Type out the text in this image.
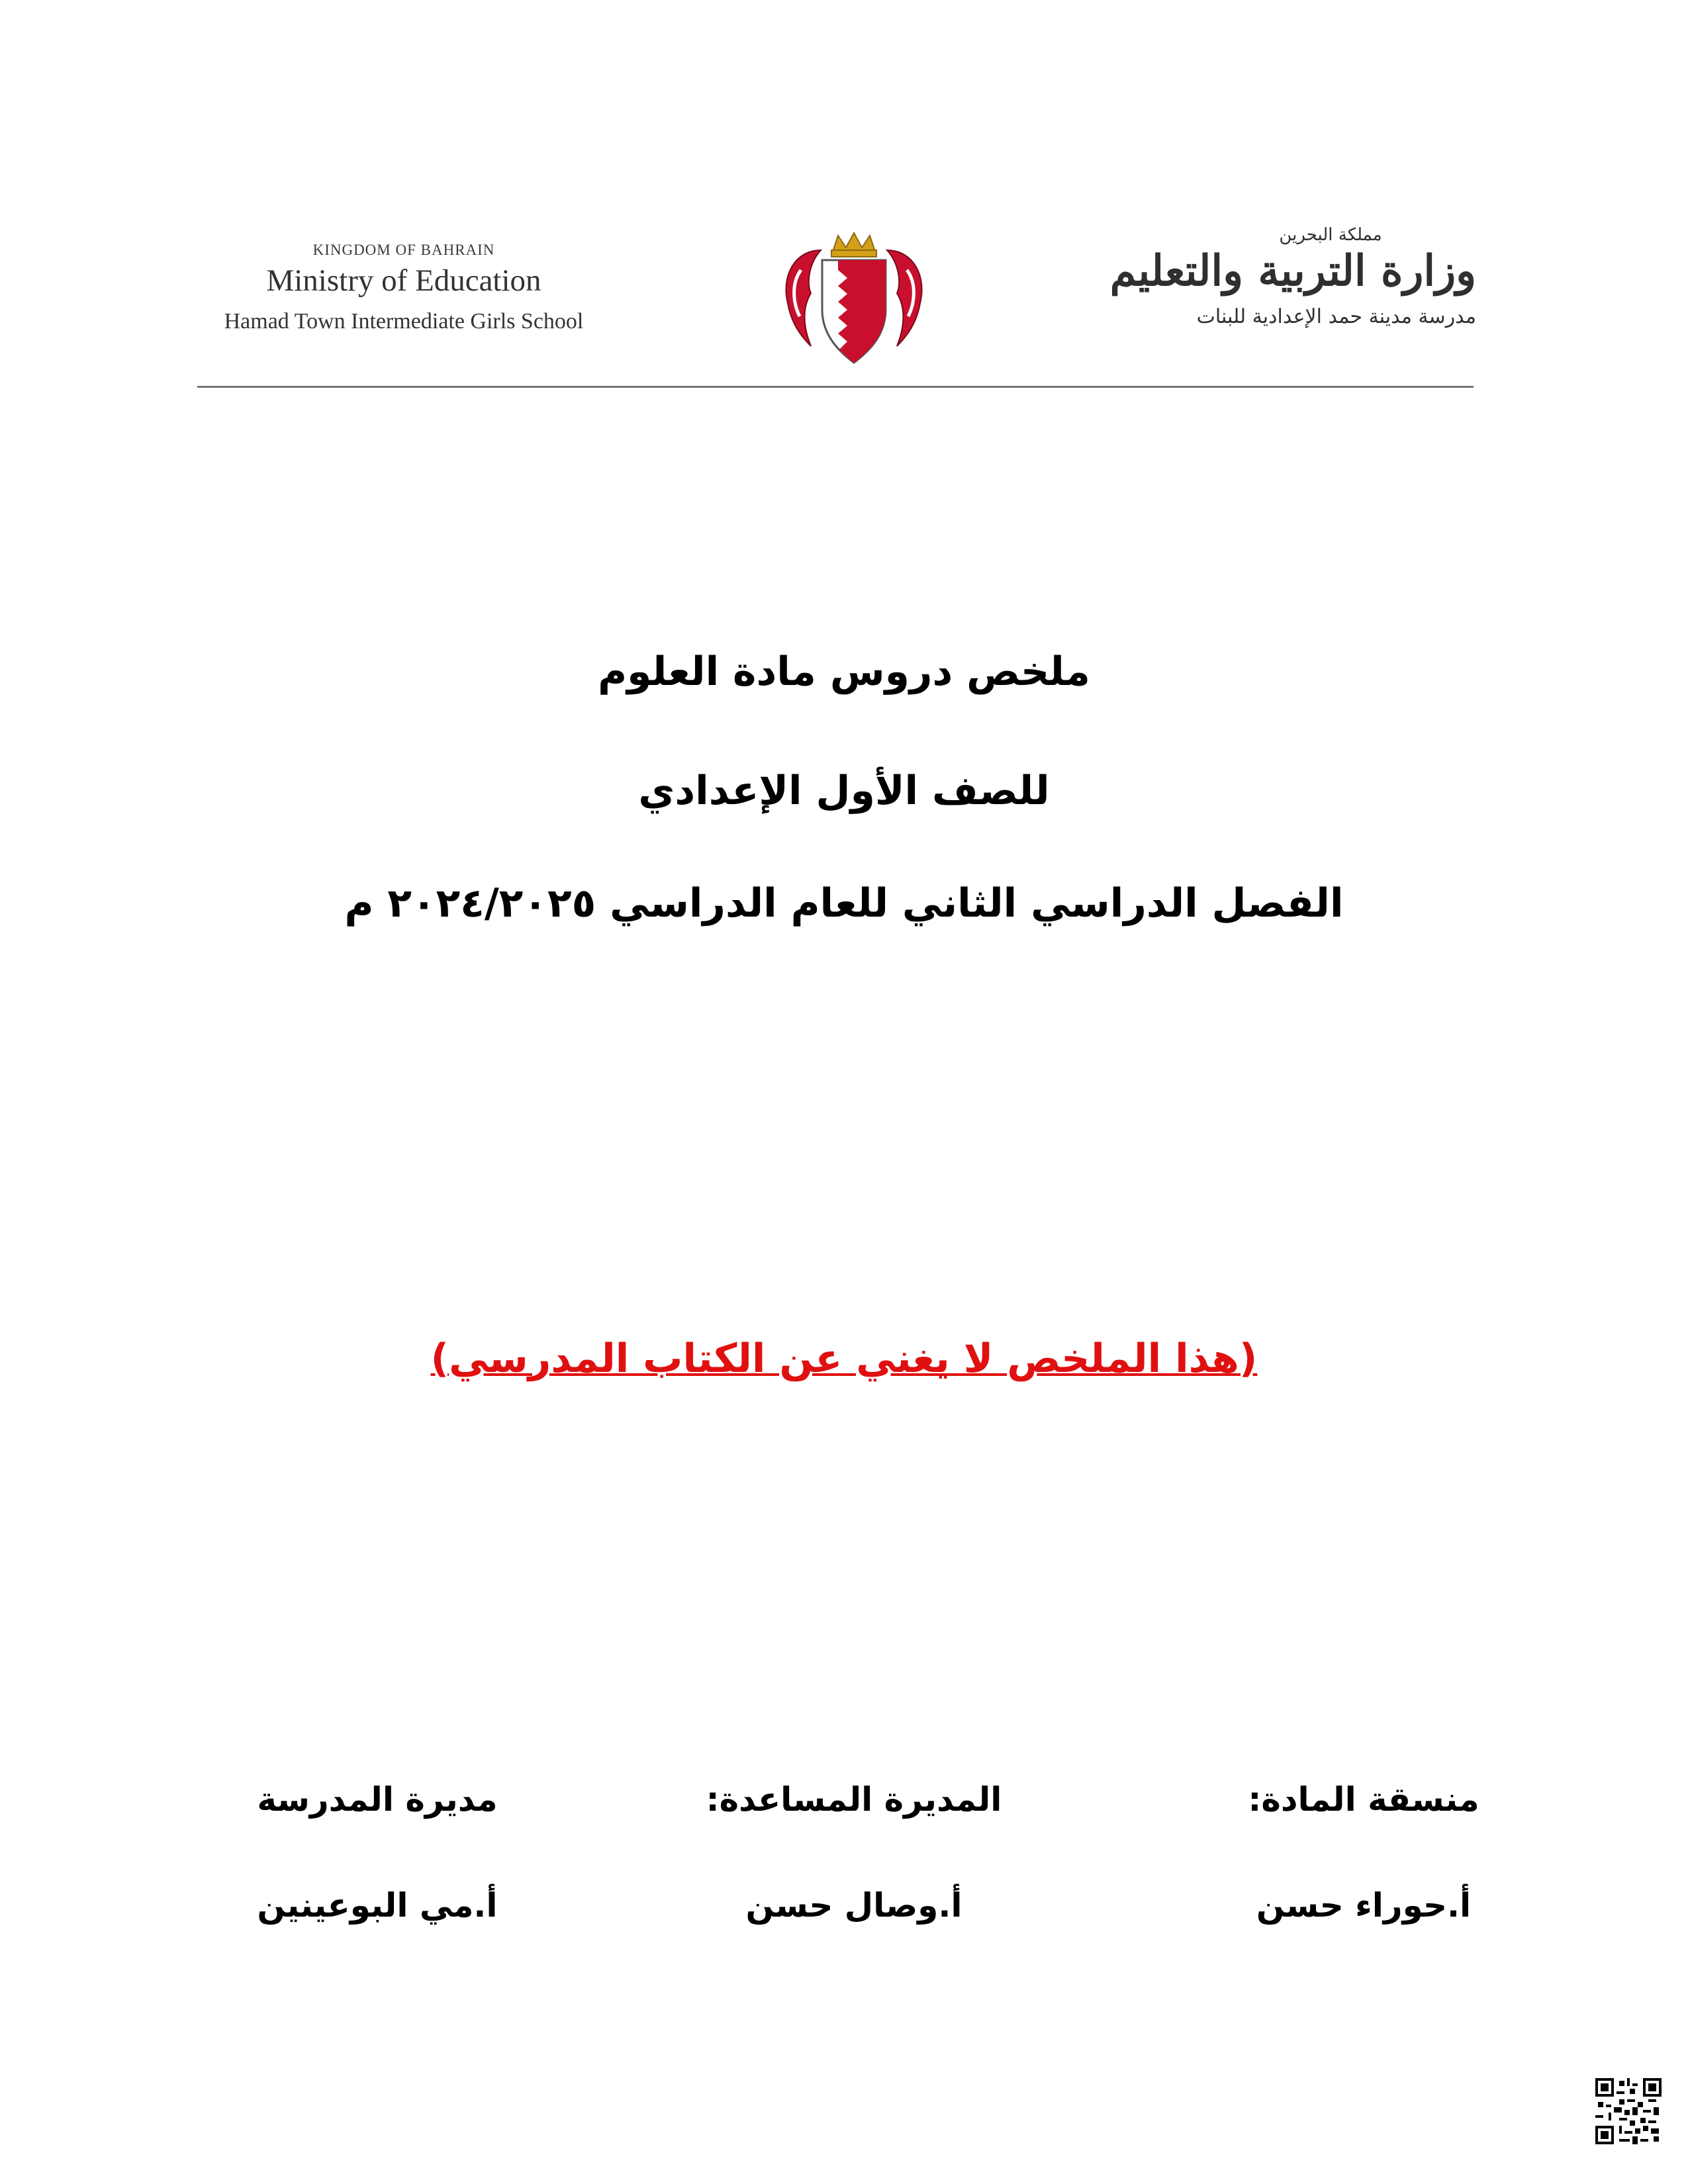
KINGDOM OF BAHRAIN

Ministry of Education

Hamad Town Intermediate Girls School

مملكة البحرين

وزارة التربية والتعليم

مدرسة مدينة حمد الإعدادية للبنات

ملخص دروس مادة العلوم
للصف الأول الإعدادي
الفصل الدراسي الثاني للعام الدراسي ٢٠٢٤/٢٠٢٥ م
(هذا الملخص لا يغني عن الكتاب المدرسي)
منسقة المادة:
أ.حوراء حسن
المديرة المساعدة:
أ.وصال حسن
مديرة المدرسة
أ.مي البوعينين
